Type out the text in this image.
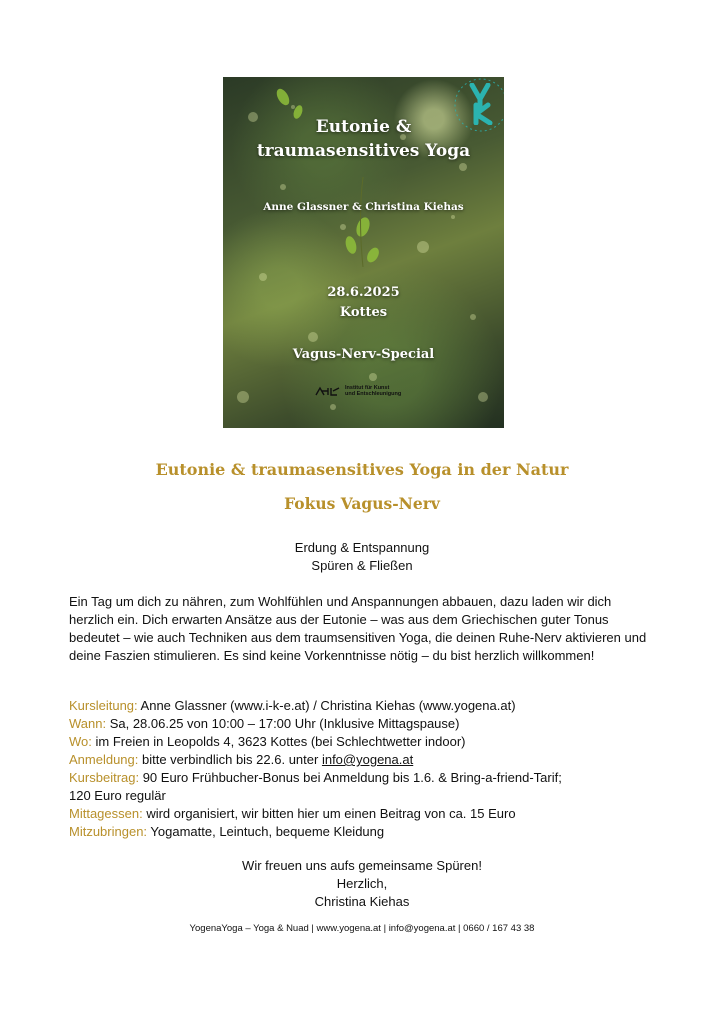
Eutonie &
traumasensitives Yoga
Anne Glassner & Christina Kiehas
28.6.2025
Kottes
Vagus-Nerv-Special
Institut für Kunst
und Entschleunigung
Eutonie & traumasensitives Yoga in der Natur
Fokus Vagus-Nerv
Erdung & Entspannung
Spüren & Fließen

Ein Tag um dich zu nähren, zum Wohlfühlen und Anspannungen abbauen, dazu laden wir dich herzlich ein. Dich erwarten Ansätze aus der Eutonie – was aus dem Griechischen guter Tonus bedeutet – wie auch Techniken aus dem traumsensitiven Yoga, die deinen Ruhe-Nerv aktivieren und deine Faszien stimulieren. Es sind keine Vorkenntnisse nötig – du bist herzlich willkommen!

Kursleitung: Anne Glassner (www.i-k-e.at) / Christina Kiehas (www.yogena.at)
Wann: Sa, 28.06.25 von 10:00 – 17:00 Uhr (Inklusive Mittagspause)
Wo: im Freien in Leopolds 4, 3623 Kottes (bei Schlechtwetter indoor)
Anmeldung: bitte verbindlich bis 22.6. unter info@yogena.at
Kursbeitrag: 90 Euro Frühbucher-Bonus bei Anmeldung bis 1.6. & Bring-a-friend-Tarif;
120 Euro regulär
Mittagessen: wird organisiert, wir bitten hier um einen Beitrag von ca. 15 Euro
Mitzubringen: Yogamatte, Leintuch, bequeme Kleidung
Wir freuen uns aufs gemeinsame Spüren!
Herzlich,
Christina Kiehas
YogenaYoga – Yoga & Nuad | www.yogena.at | info@yogena.at | 0660 / 167 43 38
